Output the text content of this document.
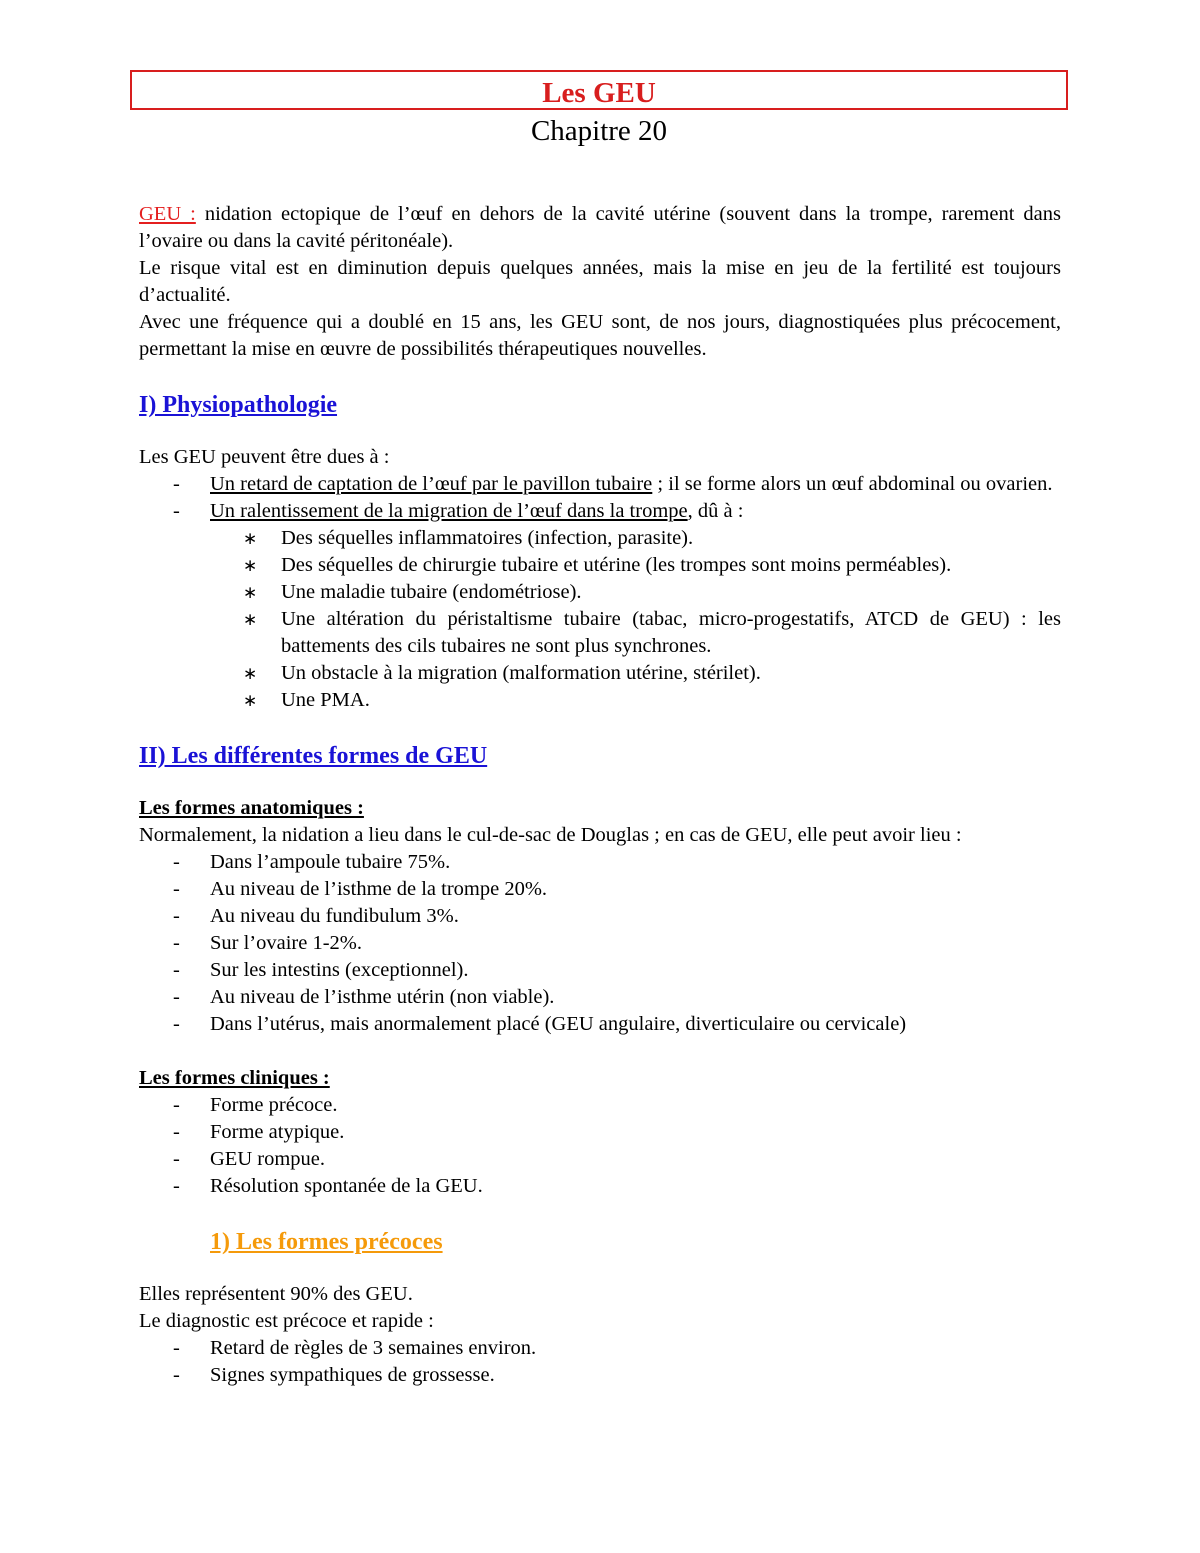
Les GEU
Chapitre 20

GEU : nidation ectopique de l’œuf en dehors de la cavité utérine (souvent dans la trompe, rarement dans l’ovaire ou dans la cavité péritonéale).

Le risque vital est en diminution depuis quelques années, mais la mise en jeu de la fertilité est toujours d’actualité.

Avec une fréquence qui a doublé en 15 ans, les GEU sont, de nos jours, diagnostiquées plus précocement, permettant la mise en œuvre de possibilités thérapeutiques nouvelles.

I) Physiopathologie

Les GEU peuvent être dues à :

- Un retard de captation de l’œuf par le pavillon tubaire ; il se forme alors un œuf abdominal ou ovarien.
- Un ralentissement de la migration de l’œuf dans la trompe, dû à :
∗ Des séquelles inflammatoires (infection, parasite).
∗ Des séquelles de chirurgie tubaire et utérine (les trompes sont moins perméables).
∗ Une maladie tubaire (endométriose).
∗ Une altération du péristaltisme tubaire (tabac, micro-progestatifs, ATCD de GEU) : les battements des cils tubaires ne sont plus synchrones.
∗ Un obstacle à la migration (malformation utérine, stérilet).
∗ Une PMA.

II) Les différentes formes de GEU

Les formes anatomiques :

Normalement, la nidation a lieu dans le cul-de-sac de Douglas ; en cas de GEU, elle peut avoir lieu :

- Dans l’ampoule tubaire 75%.
- Au niveau de l’isthme de la trompe 20%.
- Au niveau du fundibulum 3%.
- Sur l’ovaire 1-2%.
- Sur les intestins (exceptionnel).
- Au niveau de l’isthme utérin (non viable).
- Dans l’utérus, mais anormalement placé (GEU angulaire, diverticulaire ou cervicale)

Les formes cliniques :

- Forme précoce.
- Forme atypique.
- GEU rompue.
- Résolution spontanée de la GEU.

1) Les formes précoces

Elles représentent 90% des GEU.

Le diagnostic est précoce et rapide :

- Retard de règles de 3 semaines environ.
- Signes sympathiques de grossesse.
